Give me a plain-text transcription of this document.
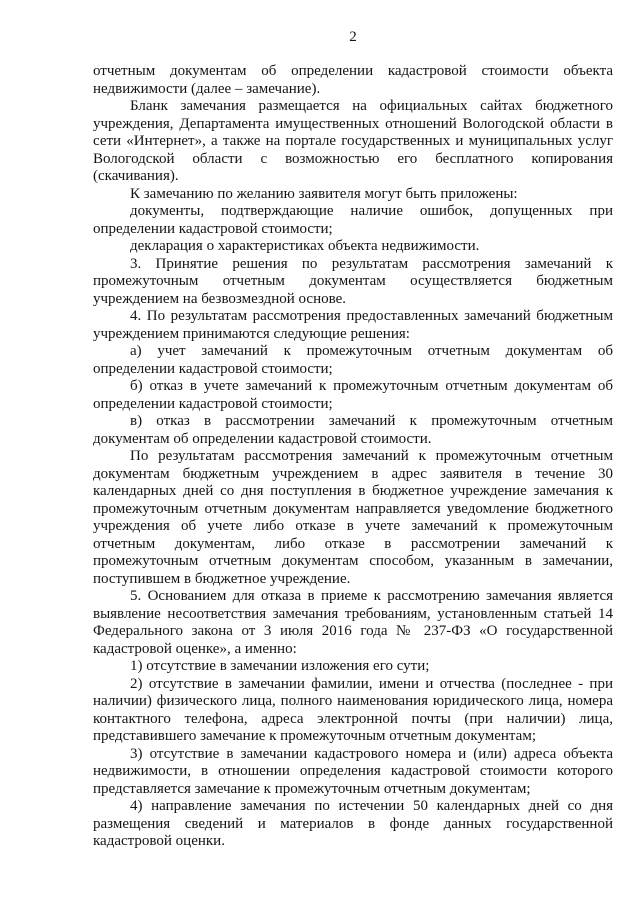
2
отчетным документам об определении кадастровой стоимости объекта
недвижимости (далее – замечание).
Бланк замечания размещается на официальных сайтах бюджетного
учреждения, Департамента имущественных отношений Вологодской области в
сети «Интернет», а также на портале государственных и муниципальных услуг
Вологодской области с возможностью его бесплатного копирования
(скачивания).
К замечанию по желанию заявителя могут быть приложены:
документы, подтверждающие наличие ошибок, допущенных при
определении кадастровой стоимости;
декларация о характеристиках объекта недвижимости.
3. Принятие решения по результатам рассмотрения замечаний к
промежуточным отчетным документам осуществляется бюджетным
учреждением на безвозмездной основе.
4. По результатам рассмотрения предоставленных замечаний бюджетным
учреждением принимаются следующие решения:
а) учет замечаний к промежуточным отчетным документам об
определении кадастровой стоимости;
б) отказ в учете замечаний к промежуточным отчетным документам об
определении кадастровой стоимости;
в) отказ в рассмотрении замечаний к промежуточным отчетным
документам об определении кадастровой стоимости.
По результатам рассмотрения замечаний к промежуточным отчетным
документам бюджетным учреждением в адрес заявителя в течение 30
календарных дней со дня поступления в бюджетное учреждение замечания к
промежуточным отчетным документам направляется уведомление бюджетного
учреждения об учете либо отказе в учете замечаний к промежуточным
отчетным документам, либо отказе в рассмотрении замечаний к
промежуточным отчетным документам способом, указанным в замечании,
поступившем в бюджетное учреждение.
5. Основанием для отказа в приеме к рассмотрению замечания является
выявление несоответствия замечания требованиям, установленным статьей 14
Федерального закона от 3 июля 2016 года № 237-ФЗ «О государственной
кадастровой оценке», а именно:
1) отсутствие в замечании изложения его сути;
2) отсутствие в замечании фамилии, имени и отчества (последнее - при
наличии) физического лица, полного наименования юридического лица, номера
контактного телефона, адреса электронной почты (при наличии) лица,
представившего замечание к промежуточным отчетным документам;
3) отсутствие в замечании кадастрового номера и (или) адреса объекта
недвижимости, в отношении определения кадастровой стоимости которого
представляется замечание к промежуточным отчетным документам;
4) направление замечания по истечении 50 календарных дней со дня
размещения сведений и материалов в фонде данных государственной
кадастровой оценки.
